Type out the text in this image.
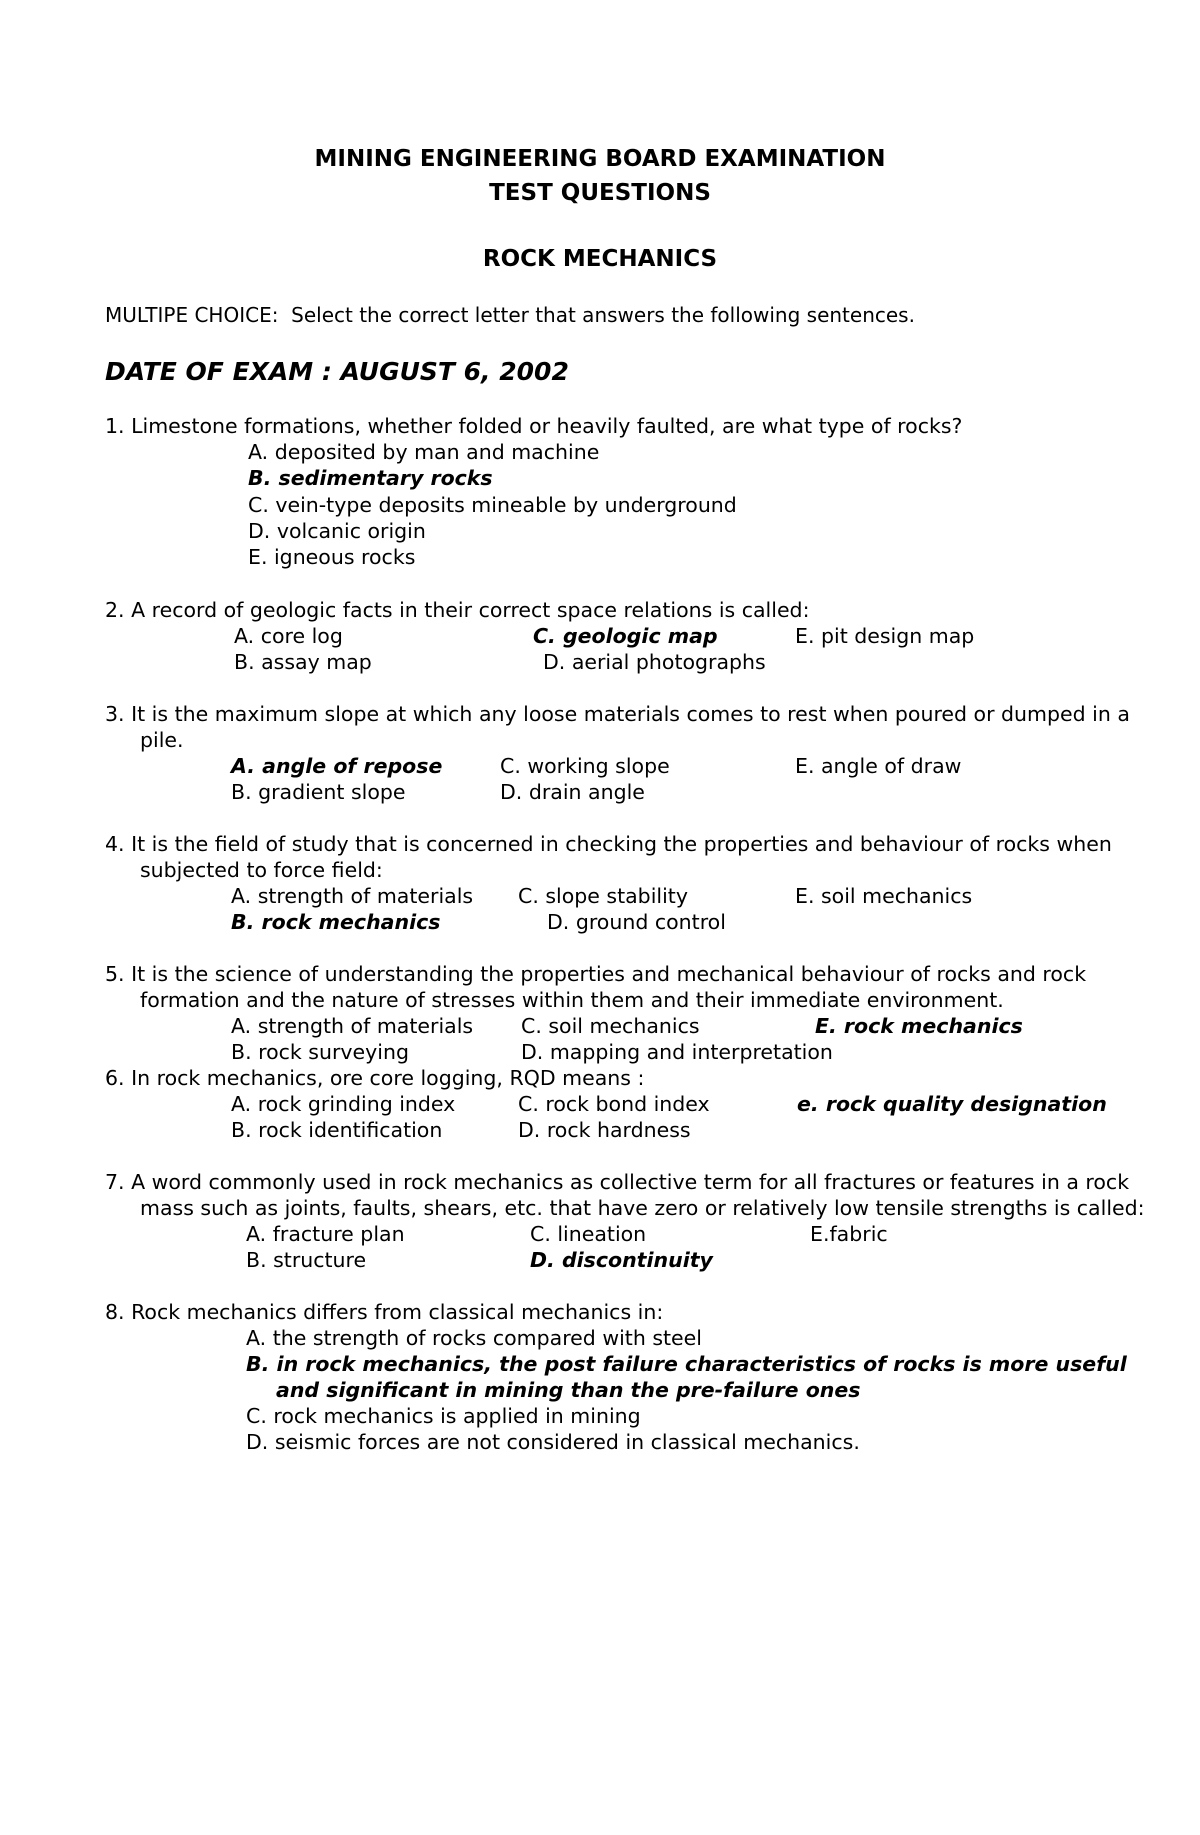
MINING ENGINEERING BOARD EXAMINATION
TEST QUESTIONS
ROCK MECHANICS
MULTIPE CHOICE: Select the correct letter that answers the following sentences.
DATE OF EXAM : AUGUST 6, 2002
1. Limestone formations, whether folded or heavily faulted, are what type of rocks?
A. deposited by man and machine
B. sedimentary rocks
C. vein-type deposits mineable by underground
D. volcanic origin
E. igneous rocks
2. A record of geologic facts in their correct space relations is called:
A. core log	C. geologic map	E. pit design map
B. assay map	D. aerial photographs
3. It is the maximum slope at which any loose materials comes to rest when poured or dumped in a
pile.
A. angle of repose	C. working slope	E. angle of draw
B. gradient slope	D. drain angle
4. It is the field of study that is concerned in checking the properties and behaviour of rocks when
subjected to force field:
A. strength of materials C. slope stability	E. soil mechanics
B. rock mechanics	D. ground control
5. It is the science of understanding the properties and mechanical behaviour of rocks and rock
formation and the nature of stresses within them and their immediate environment.
A. strength of materials C. soil mechanics	E. rock mechanics
B. rock surveying	D. mapping and interpretation
6. In rock mechanics, ore core logging, RQD means :
A. rock grinding index	C. rock bond index	e. rock quality designation
B. rock identification	D. rock hardness
7. A word commonly used in rock mechanics as collective term for all fractures or features in a rock
mass such as joints, faults, shears, etc. that have zero or relatively low tensile strengths is called:
A. fracture plan	C. lineation	E.fabric
B. structure	D. discontinuity
8. Rock mechanics differs from classical mechanics in:
A. the strength of rocks compared with steel
B. in rock mechanics, the post failure characteristics of rocks is more useful
and significant in mining than the pre-failure ones
C. rock mechanics is applied in mining
D. seismic forces are not considered in classical mechanics.
